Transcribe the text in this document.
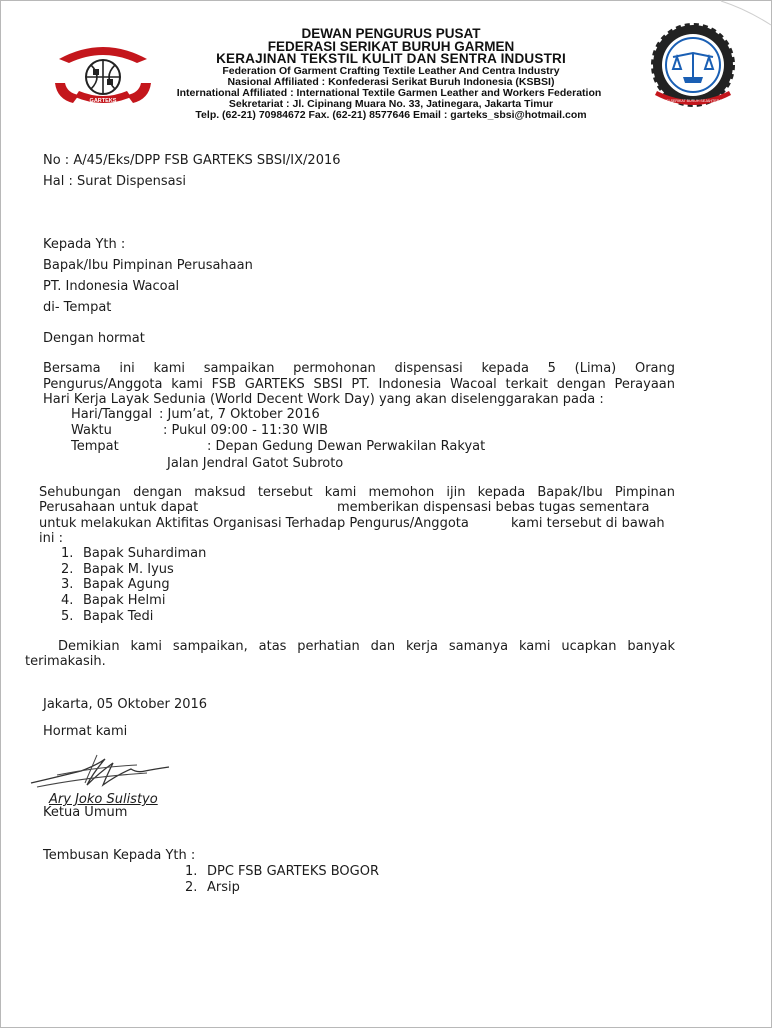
GARTEKS	KONFEDERASI SERIKAT BURUH SEJAHTERA INDONESIA
DEWAN PENGURUS PUSAT
FEDERASI SERIKAT BURUH GARMEN
KERAJINAN TEKSTIL KULIT DAN SENTRA INDUSTRI
Federation Of Garment Crafting Textile Leather And Centra Industry
Nasional Affiliated : Konfederasi Serikat Buruh Indonesia (KSBSI)
International Affiliated : International Textile Garmen Leather and Workers Federation
Sekretariat : Jl. Cipinang Muara No. 33, Jatinegara, Jakarta Timur
Telp. (62-21) 70984672 Fax. (62-21) 8577646 Email : garteks_sbsi@hotmail.com
No : A/45/Eks/DPP FSB GARTEKS SBSI/IX/2016
Hal : Surat Dispensasi
Kepada Yth :
Bapak/Ibu Pimpinan Perusahaan
PT. Indonesia Wacoal
di- Tempat
Dengan hormat
Bersama ini kami sampaikan permohonan dispensasi kepada 5 (Lima) Orang
Pengurus/Anggota kami FSB GARTEKS SBSI PT. Indonesia Wacoal terkait dengan Perayaan
Hari Kerja Layak Sedunia (World Decent Work Day) yang akan diselenggarakan pada :
Hari/Tanggal : Jum’at, 7 Oktober 2016
Waktu	: Pukul 09:00 - 11:30 WIB
Tempat	: Depan Gedung Dewan Perwakilan Rakyat
Jalan Jendral Gatot Subroto
Sehubungan dengan maksud tersebut kami memohon ijin kepada Bapak/Ibu Pimpinan
Perusahaan untuk dapat	memberikan dispensasi bebas tugas sementara
untuk melakukan Aktifitas Organisasi Terhadap Pengurus/Anggota	kami tersebut di bawah
ini :
1. Bapak Suhardiman
2. Bapak M. Iyus
3. Bapak Agung
4. Bapak Helmi
5. Bapak Tedi
Demikian kami sampaikan, atas perhatian dan kerja samanya kami ucapkan banyak
terimakasih.
Jakarta, 05 Oktober 2016
Hormat kami
Ary Joko Sulistyo
Ketua Umum
Tembusan Kepada Yth :
1. DPC FSB GARTEKS BOGOR
2. Arsip
